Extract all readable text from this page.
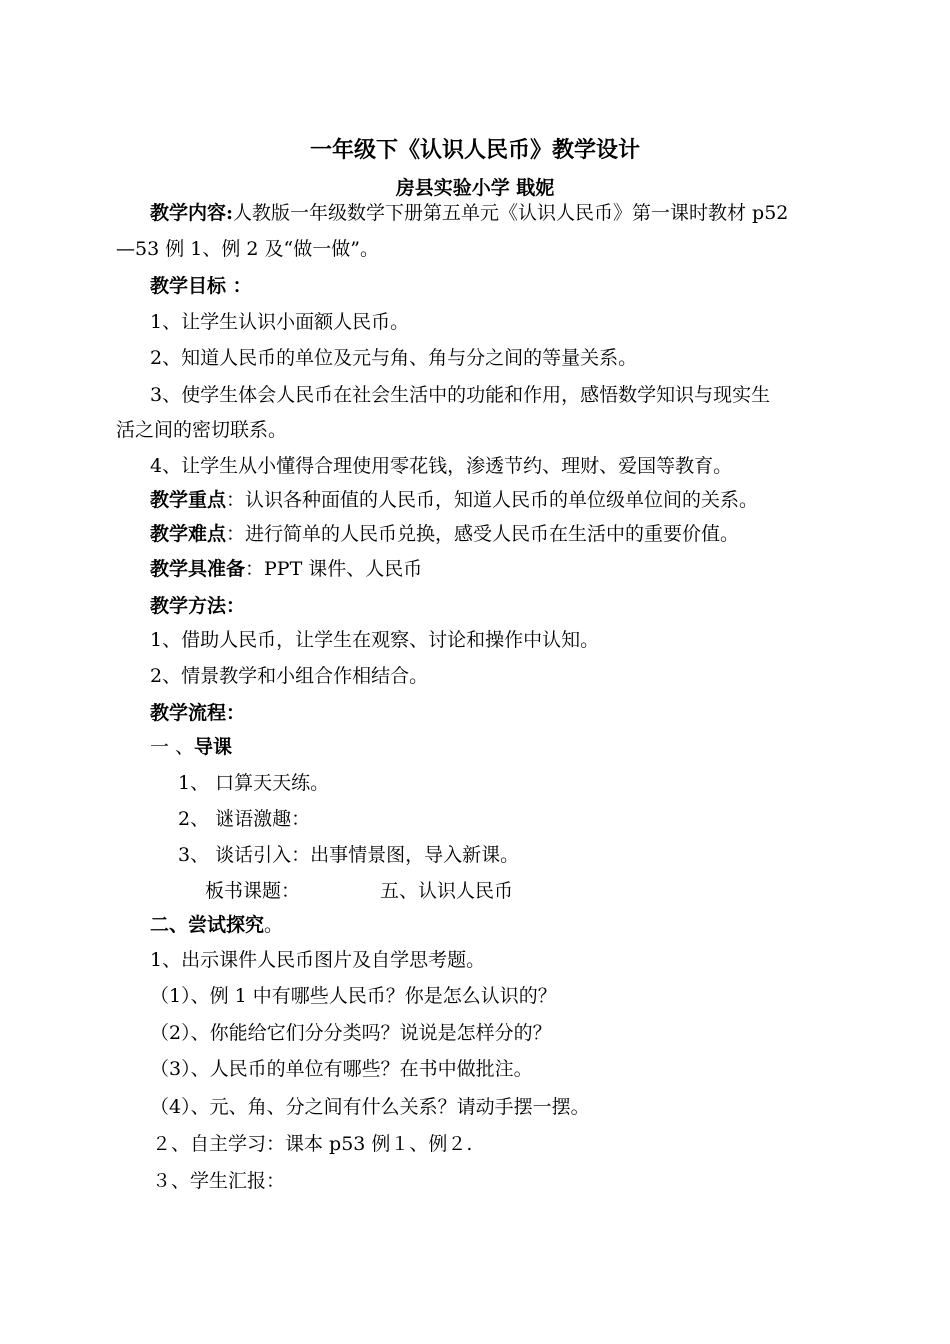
一年级下《认识人民币》教学设计
房县实验小学 戢妮
教学内容:人教版一年级数学下册第五单元《认识人民币》第一课时教材 p52
—53 例 1、例 2 及“做一做”。
教学目标 ：
1、让学生认识小面额人民币。
2、知道人民币的单位及元与角、角与分之间的等量关系。
3、使学生体会人民币在社会生活中的功能和作用，感悟数学知识与现实生
活之间的密切联系。
4、让学生从小懂得合理使用零花钱，渗透节约、理财、爱国等教育。
教学重点：认识各种面值的人民币，知道人民币的单位级单位间的关系。
教学难点：进行简单的人民币兑换，感受人民币在生活中的重要价值。
教学具准备：PPT 课件、人民币
教学方法：
1、借助人民币，让学生在观察、讨论和操作中认知。
2、情景教学和小组合作相结合。
教学流程：
一 、导课
1、 口算天天练。
2、 谜语激趣：
3、 谈话引入：出事情景图，导入新课。
板书课题：	五、认识人民币
二、尝试探究。
1、出示课件人民币图片及自学思考题。
（1）、例 1 中有哪些人民币？你是怎么认识的？
（2）、你能给它们分分类吗？说说是怎样分的？
（3）、人民币的单位有哪些？在书中做批注。
（4）、元、角、分之间有什么关系？请动手摆一摆。
２、自主学习：课本 p53 例１、例２.
３、学生汇报：
